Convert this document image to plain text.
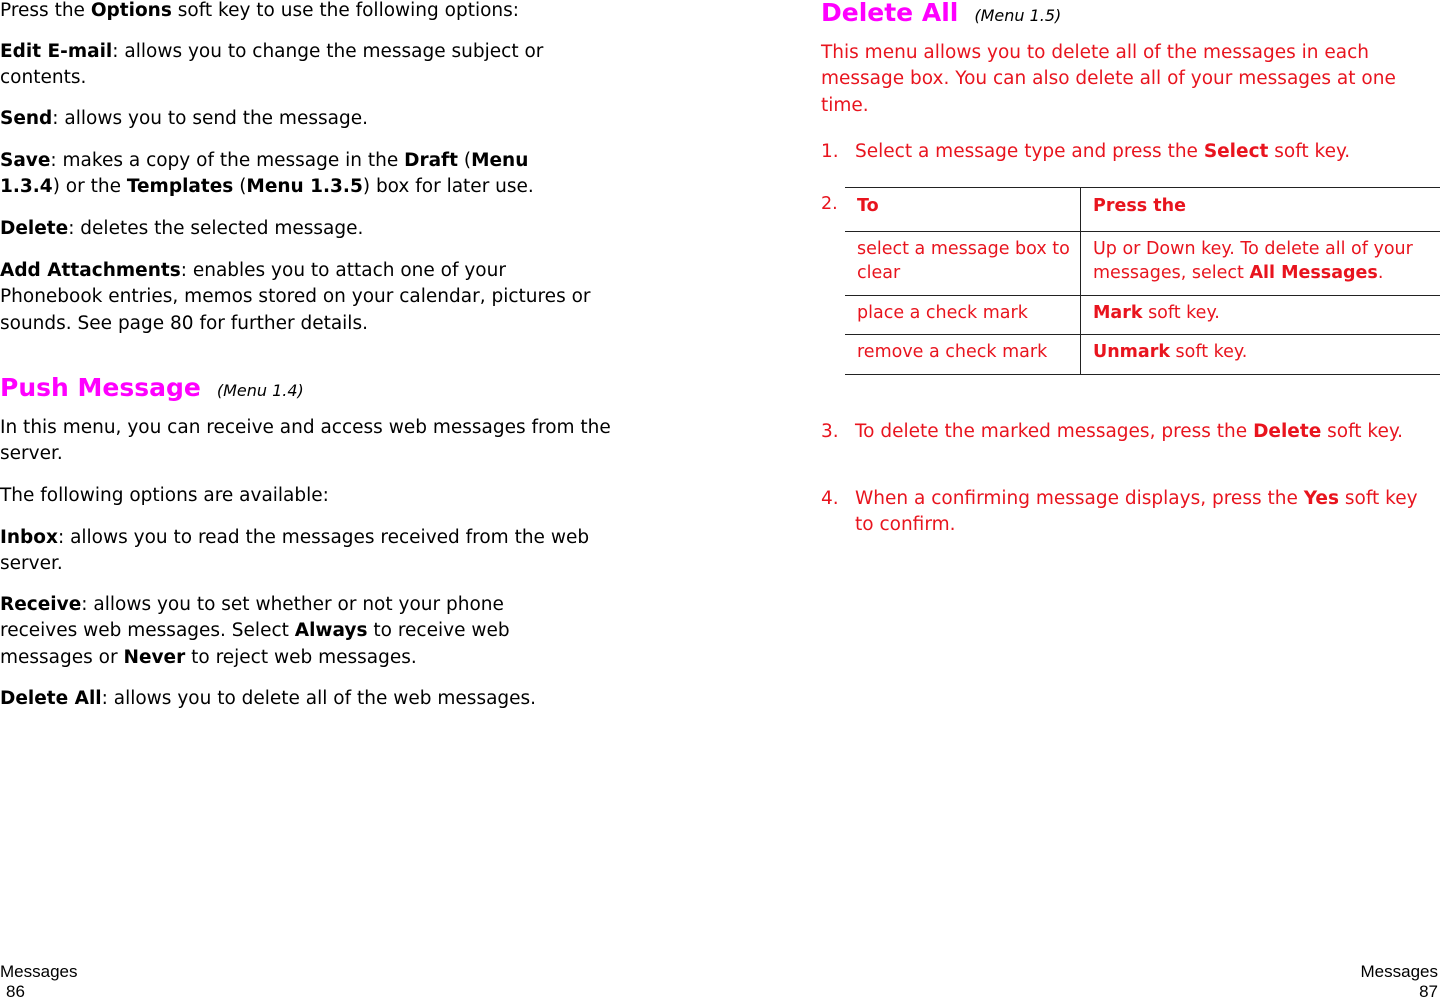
Press the Options soft key to use the following options:

Edit E-mail: allows you to change the message subject or contents.

Send: allows you to send the message.

Save: makes a copy of the message in the Draft (Menu 1.3.4) or the Templates (Menu 1.3.5) box for later use.

Delete: deletes the selected message.

Add Attachments: enables you to attach one of your Phonebook entries, memos stored on your calendar, pictures or sounds. See page 80 for further details.

Push Message (Menu 1.4)

In this menu, you can receive and access web messages from the server.

The following options are available:

Inbox: allows you to read the messages received from the web server.

Receive: allows you to set whether or not your phone receives web messages. Select Always to receive web messages or Never to reject web messages.

Delete All: allows you to delete all of the web messages.

Messages
86
Delete All (Menu 1.5)

This menu allows you to delete all of the messages in each message box. You can also delete all of your messages at one time.

1. Select a message type and press the Select soft key.
2. To	Press the
select a message box to clear	Up or Down key. To delete all of your messages, select All Messages.
place a check mark	Mark soft key.
remove a check mark	Unmark soft key.
3. To delete the marked messages, press the Delete soft key.
4. When a confirming message displays, press the Yes soft key to confirm.
Messages
87
